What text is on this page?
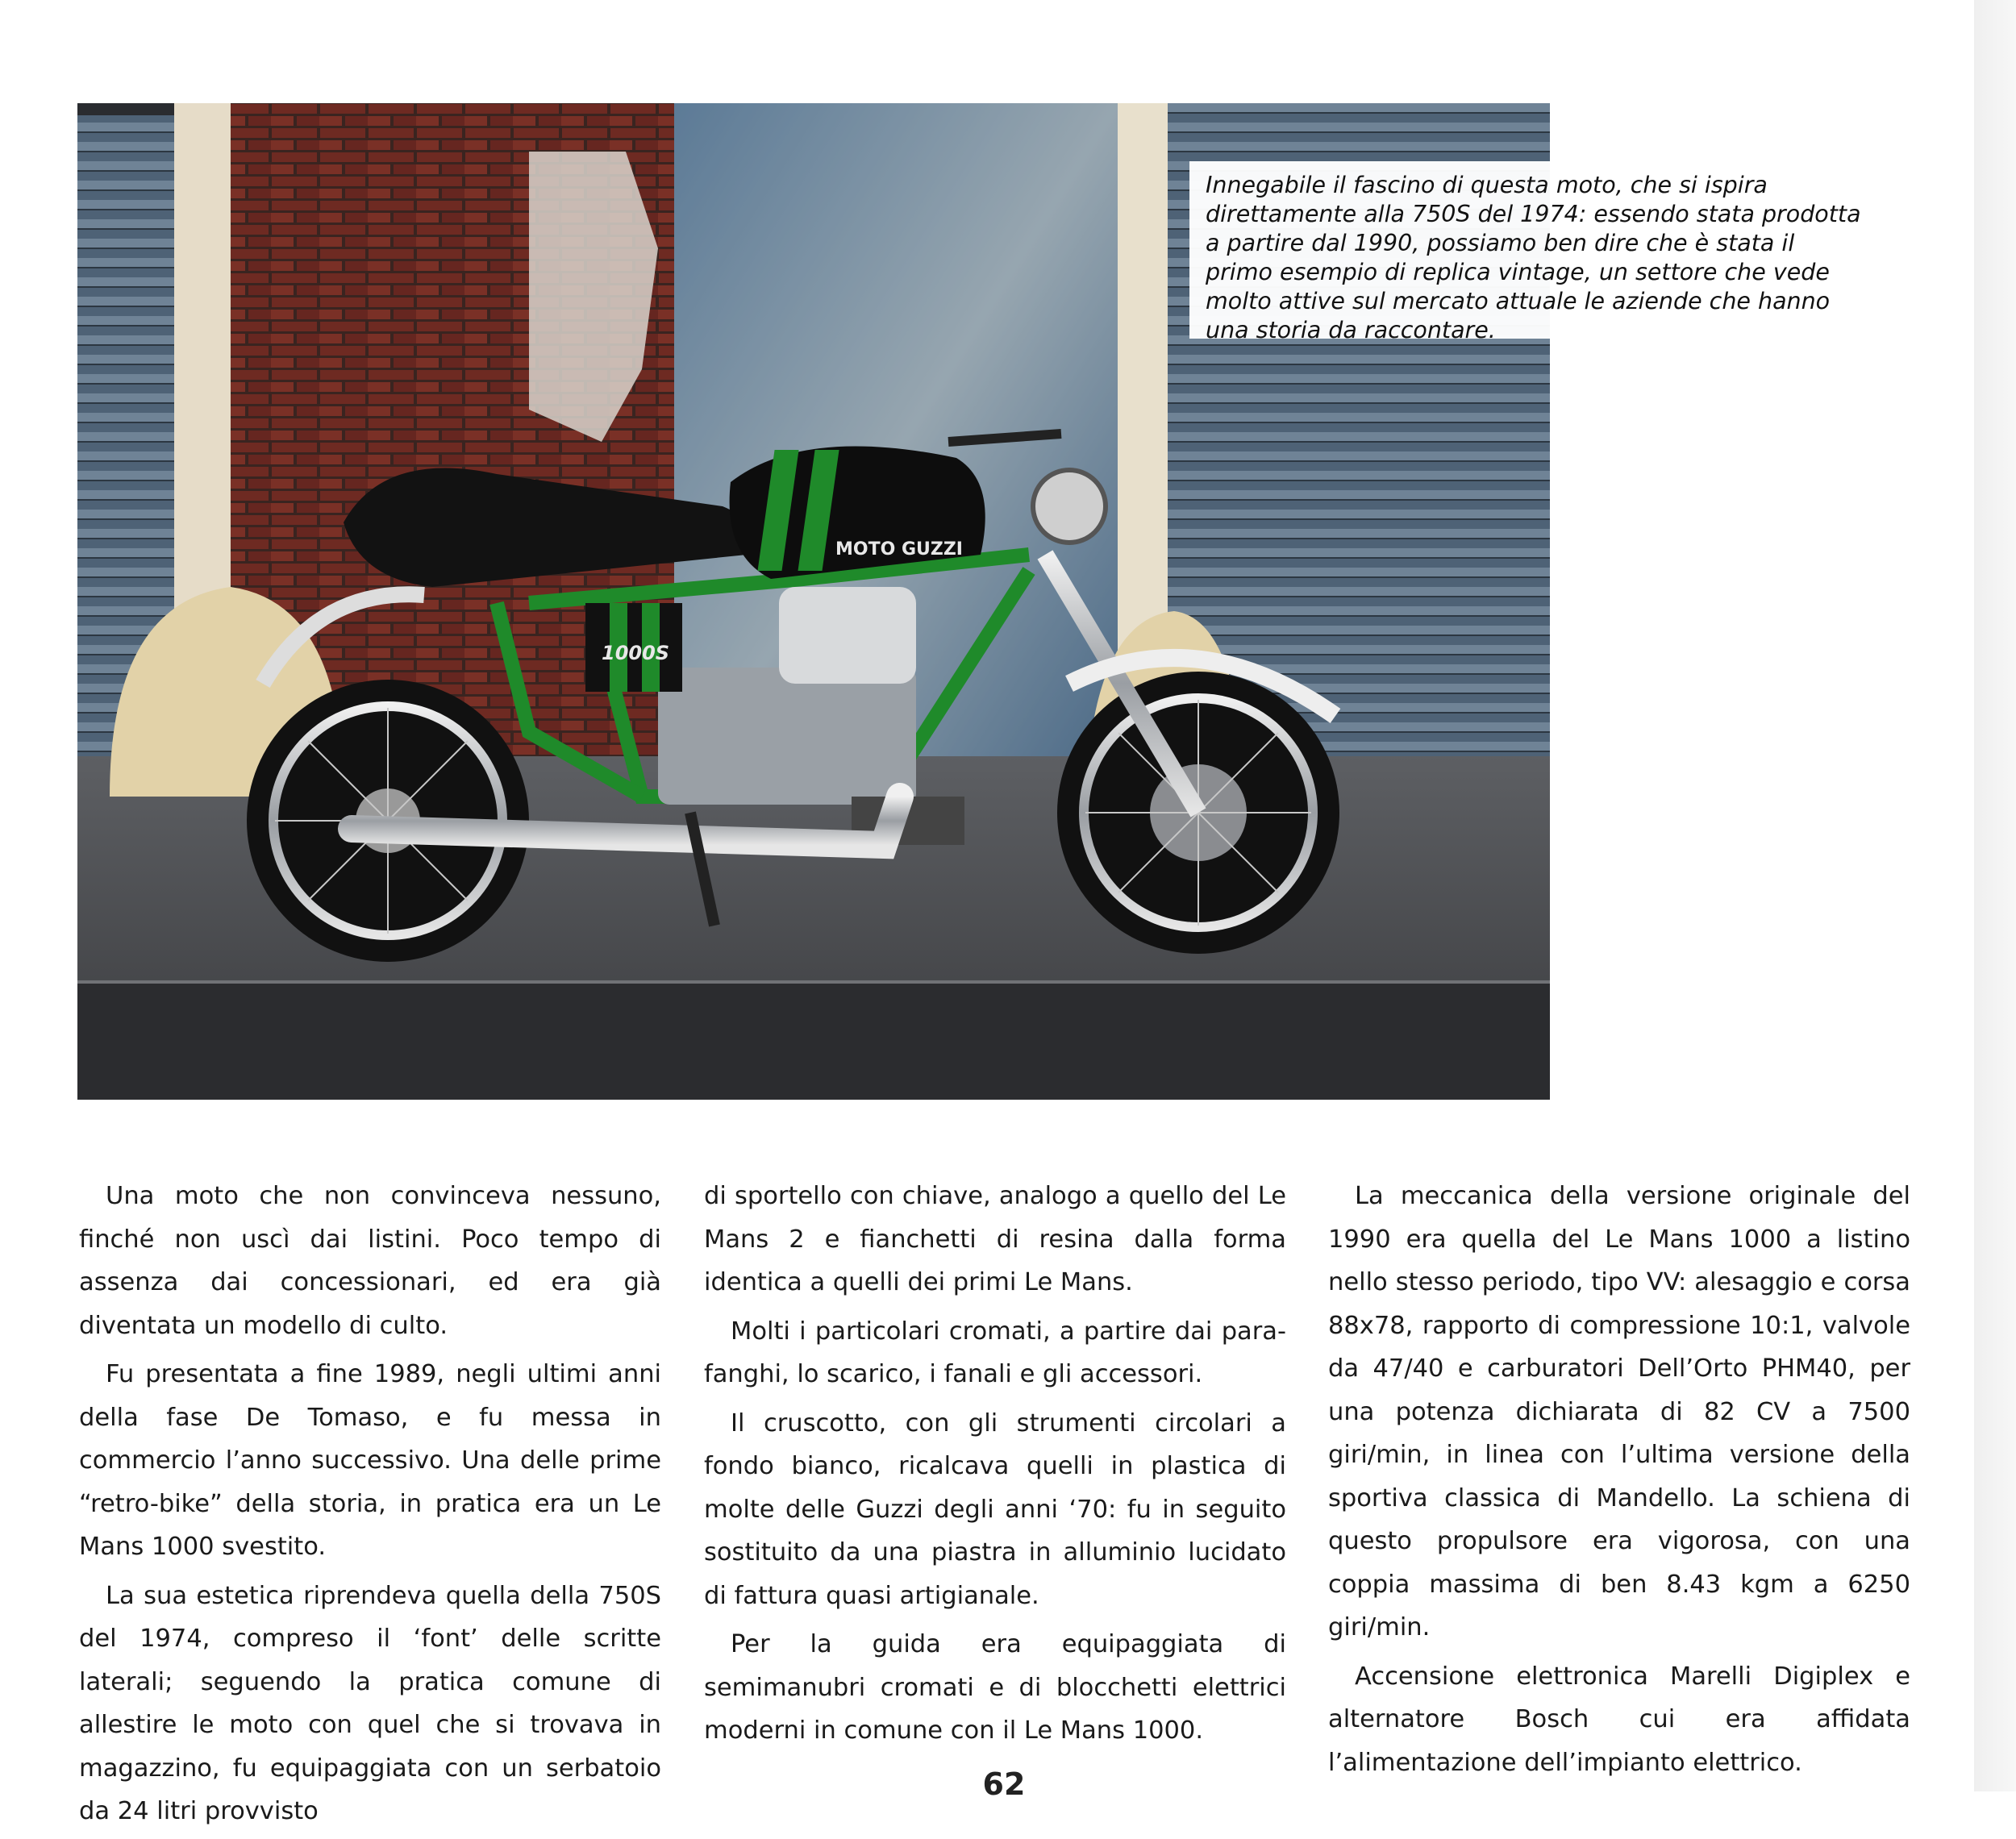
MOTO GUZZI
1000S

Innegabile il fascino di questa moto, che si ispira direttamente alla 750S del 1974: essendo stata prodotta a partire dal 1990, possiamo ben dire che è stata il primo esempio di replica vintage, un settore che vede molto attive sul mercato attuale le aziende che hanno una storia da raccontare.

Una moto che non convinceva nessuno, finché non uscì dai listini. Poco tempo di assenza dai concessionari, ed era già diventata un modello di culto.

Fu presentata a fine 1989, negli ultimi anni della fase De Tomaso, e fu messa in commercio l’anno successivo. Una delle prime “retro-bike” della storia, in pratica era un Le Mans 1000 svestito.

La sua estetica riprendeva quella della 750S del 1974, compreso il ‘font’ delle scritte laterali; seguendo la pratica comune di allestire le moto con quel che si trovava in magazzino, fu equipaggiata con un serbatoio da 24 litri provvisto

di sportello con chiave, analogo a quello del Le Mans 2 e fianchetti di resina dalla forma identica a quelli dei primi Le Mans.

Molti i particolari cromati, a partire dai parafanghi, lo scarico, i fanali e gli accessori.

Il cruscotto, con gli strumenti circolari a fondo bianco, ricalcava quelli in plastica di molte delle Guzzi degli anni ‘70: fu in seguito sostituito da una piastra in alluminio lucidato di fattura quasi artigianale.

Per la guida era equipaggiata di semimanubri cromati e di blocchetti elettrici moderni in comune con il Le Mans 1000.

La meccanica della versione originale del 1990 era quella del Le Mans 1000 a listino nello stesso periodo, tipo VV: alesaggio e corsa 88x78, rapporto di compressione 10:1, valvole da 47/40 e carburatori Dell’Orto PHM40, per una potenza dichiarata di 82 CV a 7500 giri/min, in linea con l’ultima versione della sportiva classica di Mandello. La schiena di questo propulsore era vigorosa, con una coppia massima di ben 8.43 kgm a 6250 giri/min.

Accensione elettronica Marelli Digiplex e alternatore Bosch cui era affidata l’alimentazione dell’impianto elettrico.

62
